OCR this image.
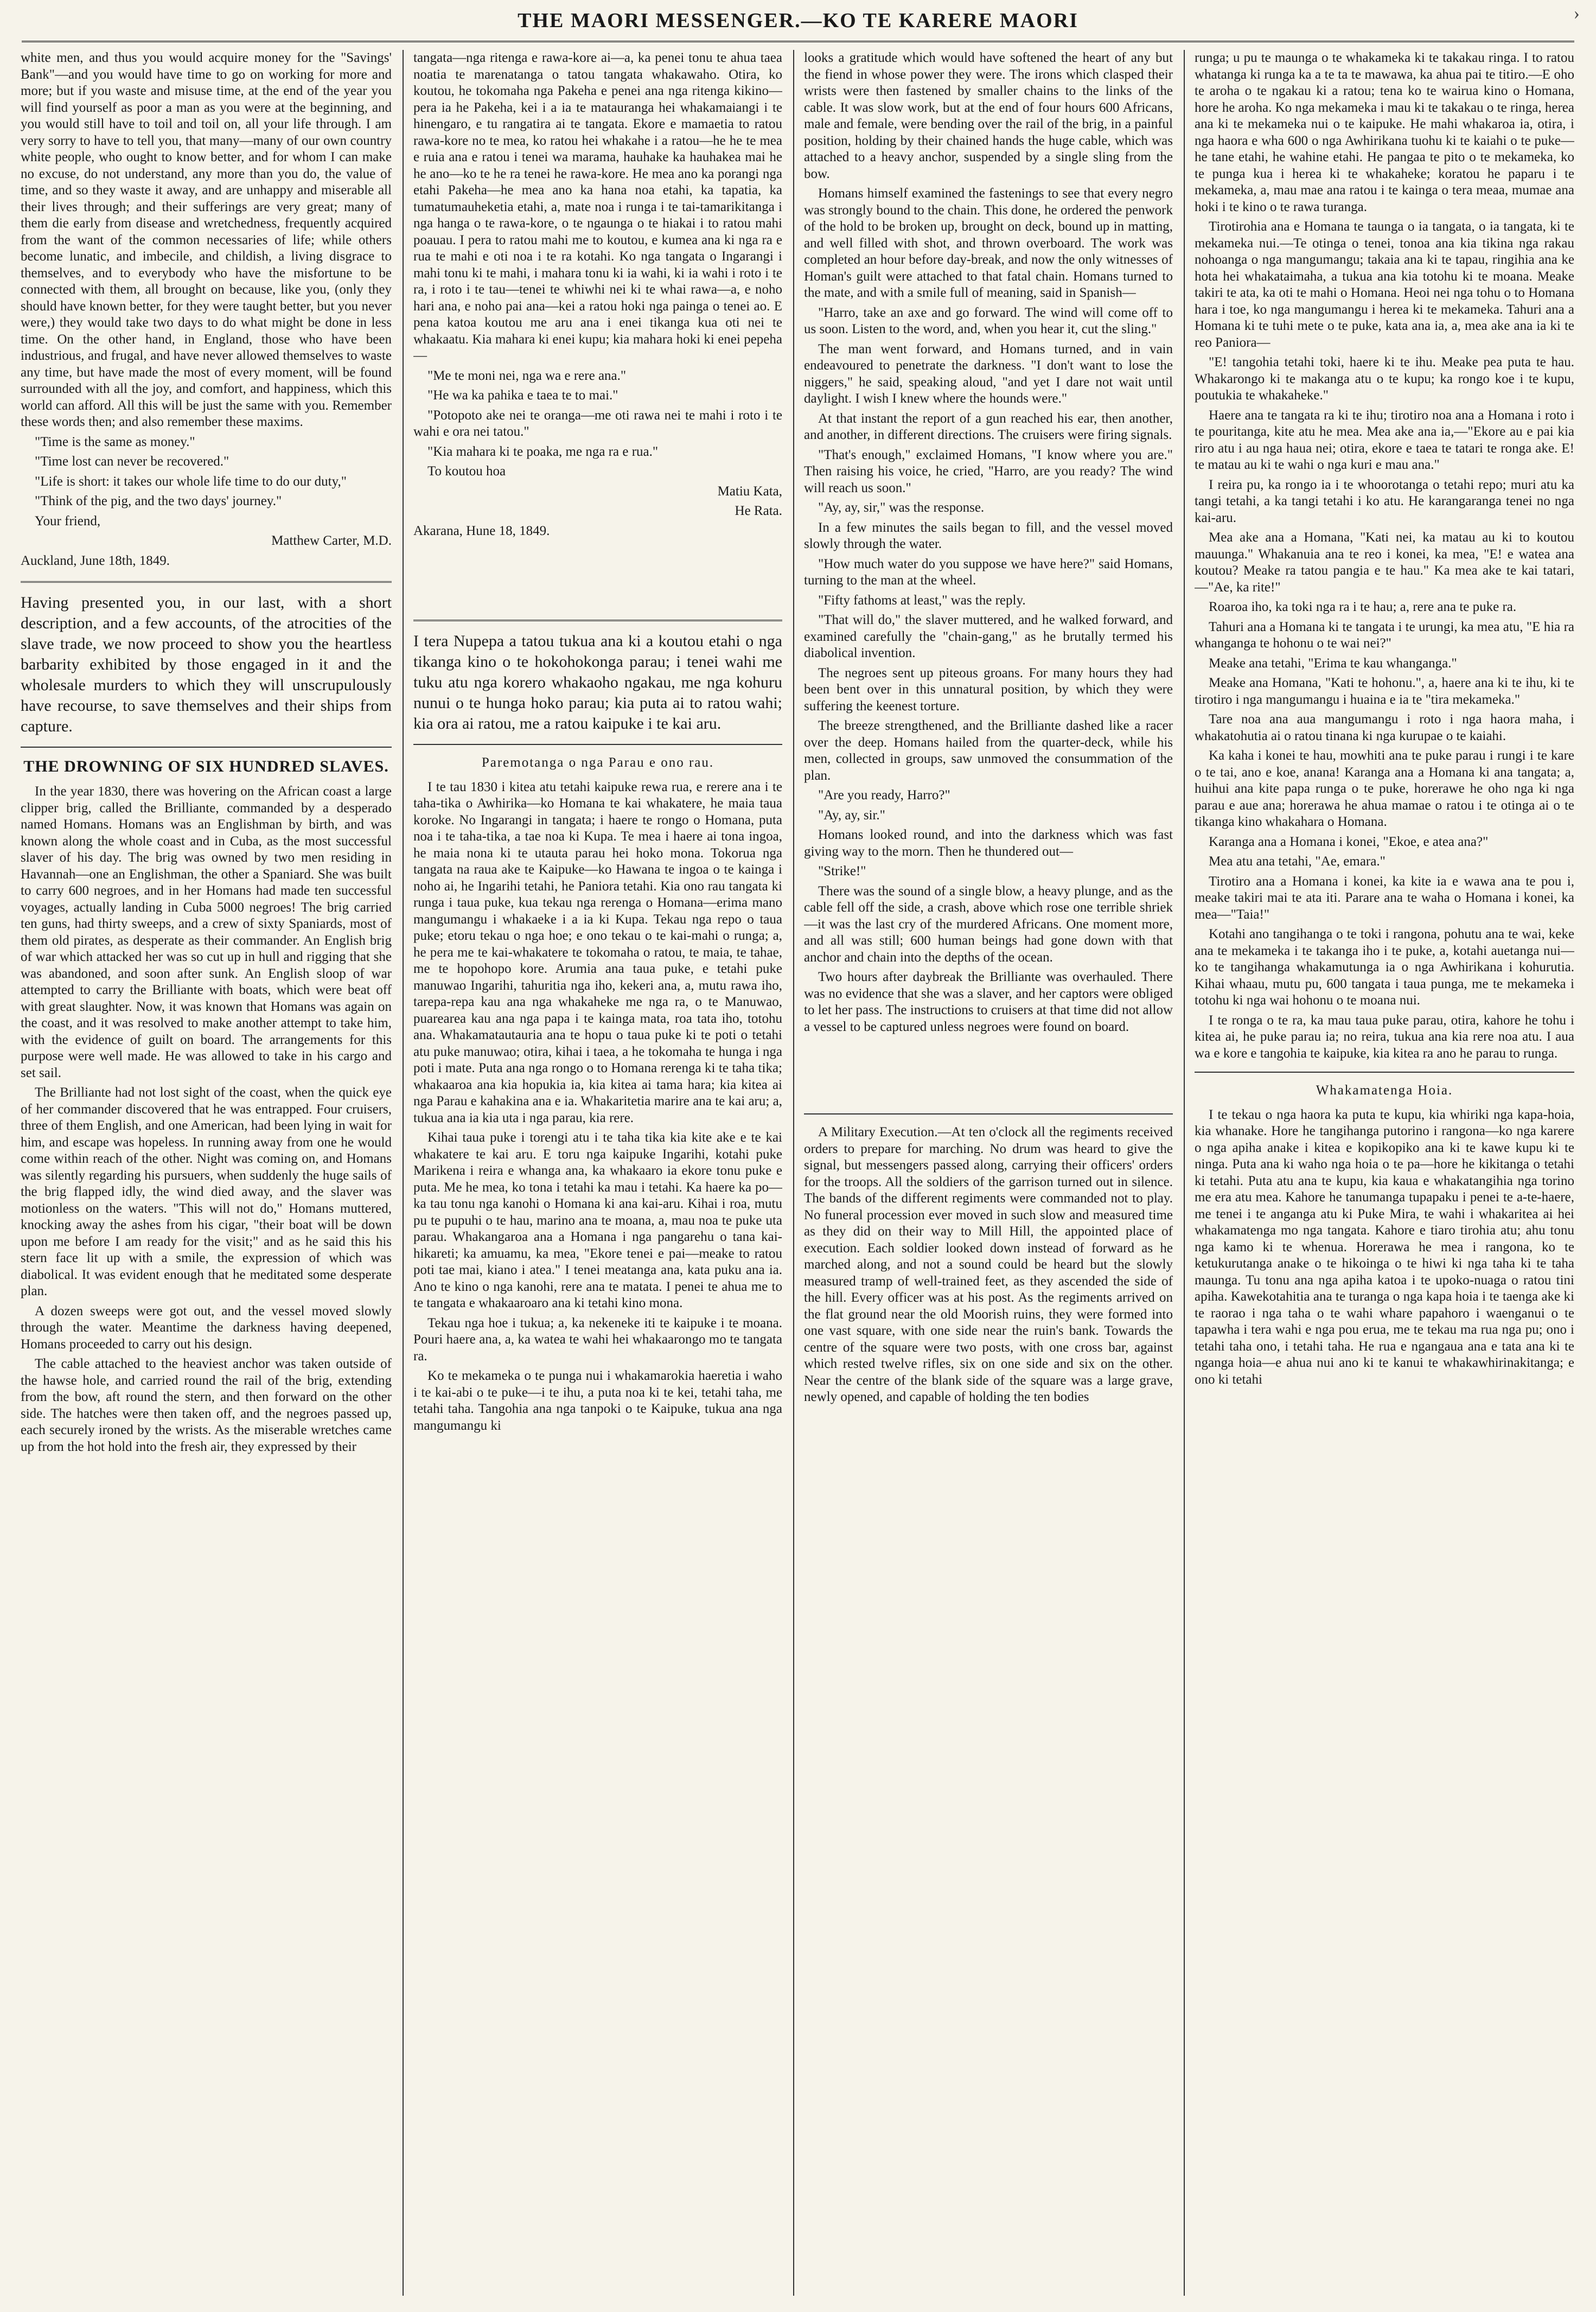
THE MAORI MESSENGER.—KO TE KARERE MAORI	›

white men, and thus you would acquire money for the "Savings' Bank"—and you would have time to go on working for more and more; but if you waste and misuse time, at the end of the year you will find yourself as poor a man as you were at the beginning, and you would still have to toil and toil on, all your life through. I am very sorry to have to tell you, that many—many of our own country white people, who ought to know better, and for whom I can make no excuse, do not understand, any more than you do, the value of time, and so they waste it away, and are unhappy and miserable all their lives through; and their sufferings are very great; many of them die early from disease and wretchedness, frequently acquired from the want of the common necessaries of life; while others become lunatic, and imbecile, and childish, a living disgrace to themselves, and to everybody who have the misfortune to be connected with them, all brought on because, like you, (only they should have known better, for they were taught better, but you never were,) they would take two days to do what might be done in less time. On the other hand, in England, those who have been industrious, and frugal, and have never allowed themselves to waste any time, but have made the most of every moment, will be found surrounded with all the joy, and comfort, and happiness, which this world can afford. All this will be just the same with you. Remember these words then; and also remember these maxims.

"Time is the same as money."

"Time lost can never be recovered."

"Life is short: it takes our whole life time to do our duty,"

"Think of the pig, and the two days' journey."

Your friend,

Matthew Carter, M.D.

Auckland, June 18th, 1849.

Having presented you, in our last, with a short description, and a few accounts, of the atrocities of the slave trade, we now proceed to show you the heartless barbarity exhibited by those engaged in it and the wholesale murders to which they will unscrupulously have recourse, to save themselves and their ships from capture.

THE DROWNING OF SIX HUNDRED SLAVES.

In the year 1830, there was hovering on the African coast a large clipper brig, called the Brilliante, commanded by a desperado named Homans. Homans was an Englishman by birth, and was known along the whole coast and in Cuba, as the most successful slaver of his day. The brig was owned by two men residing in Havannah—one an Englishman, the other a Spaniard. She was built to carry 600 negroes, and in her Homans had made ten successful voyages, actually landing in Cuba 5000 negroes! The brig carried ten guns, had thirty sweeps, and a crew of sixty Spaniards, most of them old pirates, as desperate as their commander. An English brig of war which attacked her was so cut up in hull and rigging that she was abandoned, and soon after sunk. An English sloop of war attempted to carry the Brilliante with boats, which were beat off with great slaughter. Now, it was known that Homans was again on the coast, and it was resolved to make another attempt to take him, with the evidence of guilt on board. The arrangements for this purpose were well made. He was allowed to take in his cargo and set sail.

The Brilliante had not lost sight of the coast, when the quick eye of her commander discovered that he was entrapped. Four cruisers, three of them English, and one American, had been lying in wait for him, and escape was hopeless. In running away from one he would come within reach of the other. Night was coming on, and Homans was silently regarding his pursuers, when suddenly the huge sails of the brig flapped idly, the wind died away, and the slaver was motionless on the waters. "This will not do," Homans muttered, knocking away the ashes from his cigar, "their boat will be down upon me before I am ready for the visit;" and as he said this his stern face lit up with a smile, the expression of which was diabolical. It was evident enough that he meditated some desperate plan.

A dozen sweeps were got out, and the vessel moved slowly through the water. Meantime the darkness having deepened, Homans proceeded to carry out his design.

The cable attached to the heaviest anchor was taken outside of the hawse hole, and carried round the rail of the brig, extending from the bow, aft round the stern, and then forward on the other side. The hatches were then taken off, and the negroes passed up, each securely ironed by the wrists. As the miserable wretches came up from the hot hold into the fresh air, they expressed by their

tangata—nga ritenga e rawa-kore ai—a, ka penei tonu te ahua taea noatia te marenatanga o tatou tangata whakawaho. Otira, ko koutou, he tokomaha nga Pakeha e penei ana nga ritenga kikino—pera ia he Pakeha, kei i a ia te matauranga hei whakamaiangi i te hinengaro, e tu rangatira ai te tangata. Ekore e mamaetia to ratou rawa-kore no te mea, ko ratou hei whakahe i a ratou—he he te mea e ruia ana e ratou i tenei wa marama, hauhake ka hauhakea mai he he ano—ko te he ra tenei he rawa-kore. He mea ano ka porangi nga etahi Pakeha—he mea ano ka hana noa etahi, ka tapatia, ka tumatumauheketia etahi, a, mate noa i runga i te tai-tamarikitanga i nga hanga o te rawa-kore, o te ngaunga o te hiakai i to ratou mahi poauau. I pera to ratou mahi me to koutou, e kumea ana ki nga ra e rua te mahi e oti noa i te ra kotahi. Ko nga tangata o Ingarangi i mahi tonu ki te mahi, i mahara tonu ki ia wahi, ki ia wahi i roto i te ra, i roto i te tau—tenei te whiwhi nei ki te whai rawa—a, e noho hari ana, e noho pai ana—kei a ratou hoki nga painga o tenei ao. E pena katoa koutou me aru ana i enei tikanga kua oti nei te whakaatu. Kia mahara ki enei kupu; kia mahara hoki ki enei pepeha—

"Me te moni nei, nga wa e rere ana."

"He wa ka pahika e taea te to mai."

"Potopoto ake nei te oranga—me oti rawa nei te mahi i roto i te wahi e ora nei tatou."

"Kia mahara ki te poaka, me nga ra e rua."

To koutou hoa

Matiu Kata,

He Rata.

Akarana, Hune 18, 1849.

I tera Nupepa a tatou tukua ana ki a koutou etahi o nga tikanga kino o te hokohokonga parau; i tenei wahi me tuku atu nga korero whakaoho ngakau, me nga kohuru nunui o te hunga hoko parau; kia puta ai to ratou wahi; kia ora ai ratou, me a ratou kaipuke i te kai aru.

Paremotanga o nga Parau e ono rau.

I te tau 1830 i kitea atu tetahi kaipuke rewa rua, e rerere ana i te taha-tika o Awhirika—ko Homana te kai whakatere, he maia taua koroke. No Ingarangi in tangata; i haere te rongo o Homana, puta noa i te taha-tika, a tae noa ki Kupa. Te mea i haere ai tona ingoa, he maia nona ki te utauta parau hei hoko mona. Tokorua nga tangata na raua ake te Kaipuke—ko Hawana te ingoa o te kainga i noho ai, he Ingarihi tetahi, he Paniora tetahi. Kia ono rau tangata ki runga i taua puke, kua tekau nga rerenga o Homana—erima mano mangumangu i whakaeke i a ia ki Kupa. Tekau nga repo o taua puke; etoru tekau o nga hoe; e ono tekau o te kai-mahi o runga; a, he pera me te kai-whakatere te tokomaha o ratou, te maia, te tahae, me te hopohopo kore. Arumia ana taua puke, e tetahi puke manuwao Ingarihi, tahuritia nga iho, kekeri ana, a, mutu rawa iho, tarepa-repa kau ana nga whakaheke me nga ra, o te Manuwao, puarearea kau ana nga papa i te kainga mata, roa tata iho, totohu ana. Whakamatautauria ana te hopu o taua puke ki te poti o tetahi atu puke manuwao; otira, kihai i taea, a he tokomaha te hunga i nga poti i mate. Puta ana nga rongo o to Homana rerenga ki te taha tika; whakaaroa ana kia hopukia ia, kia kitea ai tama hara; kia kitea ai nga Parau e kahakina ana e ia. Whakaritetia marire ana te kai aru; a, tukua ana ia kia uta i nga parau, kia rere.

Kihai taua puke i torengi atu i te taha tika kia kite ake e te kai whakatere te kai aru. E toru nga kaipuke Ingarihi, kotahi puke Marikena i reira e whanga ana, ka whakaaro ia ekore tonu puke e puta. Me he mea, ko tona i tetahi ka mau i tetahi. Ka haere ka po—ka tau tonu nga kanohi o Homana ki ana kai-aru. Kihai i roa, mutu pu te pupuhi o te hau, marino ana te moana, a, mau noa te puke uta parau. Whakangaroa ana a Homana i nga pangarehu o tana kai-hikareti; ka amuamu, ka mea, "Ekore tenei e pai—meake to ratou poti tae mai, kiano i atea." I tenei meatanga ana, kata puku ana ia. Ano te kino o nga kanohi, rere ana te matata. I penei te ahua me to te tangata e whakaaroaro ana ki tetahi kino mona.

Tekau nga hoe i tukua; a, ka nekeneke iti te kaipuke i te moana. Pouri haere ana, a, ka watea te wahi hei whakaarongo mo te tangata ra.

Ko te mekameka o te punga nui i whakamarokia haeretia i waho i te kai-abi o te puke—i te ihu, a puta noa ki te kei, tetahi taha, me tetahi taha. Tangohia ana nga tanpoki o te Kaipuke, tukua ana nga mangumangu ki

looks a gratitude which would have softened the heart of any but the fiend in whose power they were. The irons which clasped their wrists were then fastened by smaller chains to the links of the cable. It was slow work, but at the end of four hours 600 Africans, male and female, were bending over the rail of the brig, in a painful position, holding by their chained hands the huge cable, which was attached to a heavy anchor, suspended by a single sling from the bow.

Homans himself examined the fastenings to see that every negro was strongly bound to the chain. This done, he ordered the penwork of the hold to be broken up, brought on deck, bound up in matting, and well filled with shot, and thrown overboard. The work was completed an hour before day-break, and now the only witnesses of Homan's guilt were attached to that fatal chain. Homans turned to the mate, and with a smile full of meaning, said in Spanish—

"Harro, take an axe and go forward. The wind will come off to us soon. Listen to the word, and, when you hear it, cut the sling."

The man went forward, and Homans turned, and in vain endeavoured to penetrate the darkness. "I don't want to lose the niggers," he said, speaking aloud, "and yet I dare not wait until daylight. I wish I knew where the hounds were."

At that instant the report of a gun reached his ear, then another, and another, in different directions. The cruisers were firing signals.

"That's enough," exclaimed Homans, "I know where you are." Then raising his voice, he cried, "Harro, are you ready? The wind will reach us soon."

"Ay, ay, sir," was the response.

In a few minutes the sails began to fill, and the vessel moved slowly through the water.

"How much water do you suppose we have here?" said Homans, turning to the man at the wheel.

"Fifty fathoms at least," was the reply.

"That will do," the slaver muttered, and he walked forward, and examined carefully the "chain-gang," as he brutally termed his diabolical invention.

The negroes sent up piteous groans. For many hours they had been bent over in this unnatural position, by which they were suffering the keenest torture.

The breeze strengthened, and the Brilliante dashed like a racer over the deep. Homans hailed from the quarter-deck, while his men, collected in groups, saw unmoved the consummation of the plan.

"Are you ready, Harro?"

"Ay, ay, sir."

Homans looked round, and into the darkness which was fast giving way to the morn. Then he thundered out—

"Strike!"

There was the sound of a single blow, a heavy plunge, and as the cable fell off the side, a crash, above which rose one terrible shriek—it was the last cry of the murdered Africans. One moment more, and all was still; 600 human beings had gone down with that anchor and chain into the depths of the ocean.

Two hours after daybreak the Brilliante was overhauled. There was no evidence that she was a slaver, and her captors were obliged to let her pass. The instructions to cruisers at that time did not allow a vessel to be captured unless negroes were found on board.

A Military Execution.—At ten o'clock all the regiments received orders to prepare for marching. No drum was heard to give the signal, but messengers passed along, carrying their officers' orders for the troops. All the soldiers of the garrison turned out in silence. The bands of the different regiments were commanded not to play. No funeral procession ever moved in such slow and measured time as they did on their way to Mill Hill, the appointed place of execution. Each soldier looked down instead of forward as he marched along, and not a sound could be heard but the slowly measured tramp of well-trained feet, as they ascended the side of the hill. Every officer was at his post. As the regiments arrived on the flat ground near the old Moorish ruins, they were formed into one vast square, with one side near the ruin's bank. Towards the centre of the square were two posts, with one cross bar, against which rested twelve rifles, six on one side and six on the other. Near the centre of the blank side of the square was a large grave, newly opened, and capable of holding the ten bodies

runga; u pu te maunga o te whakameka ki te takakau ringa. I to ratou whatanga ki runga ka a te ta te mawawa, ka ahua pai te titiro.—E oho te aroha o te ngakau ki a ratou; tena ko te wairua kino o Homana, hore he aroha. Ko nga mekameka i mau ki te takakau o te ringa, herea ana ki te mekameka nui o te kaipuke. He mahi whakaroa ia, otira, i nga haora e wha 600 o nga Awhirikana tuohu ki te kaiahi o te puke—he tane etahi, he wahine etahi. He pangaa te pito o te mekameka, ko te punga kua i herea ki te whakaheke; koratou he paparu i te mekameka, a, mau mae ana ratou i te kainga o tera meaa, mumae ana hoki i te kino o te rawa turanga.

Tirotirohia ana e Homana te taunga o ia tangata, o ia tangata, ki te mekameka nui.—Te otinga o tenei, tonoa ana kia tikina nga rakau nohoanga o nga mangumangu; takaia ana ki te tapau, ringihia ana ke hota hei whakataimaha, a tukua ana kia totohu ki te moana. Meake takiri te ata, ka oti te mahi o Homana. Heoi nei nga tohu o to Homana hara i toe, ko nga mangumangu i herea ki te mekameka. Tahuri ana a Homana ki te tuhi mete o te puke, kata ana ia, a, mea ake ana ia ki te reo Paniora—

"E! tangohia tetahi toki, haere ki te ihu. Meake pea puta te hau. Whakarongo ki te makanga atu o te kupu; ka rongo koe i te kupu, poutukia te whakaheke."

Haere ana te tangata ra ki te ihu; tirotiro noa ana a Homana i roto i te pouritanga, kite atu he mea. Mea ake ana ia,—"Ekore au e pai kia riro atu i au nga haua nei; otira, ekore e taea te tatari te ronga ake. E! te matau au ki te wahi o nga kuri e mau ana."

I reira pu, ka rongo ia i te whoorotanga o tetahi repo; muri atu ka tangi tetahi, a ka tangi tetahi i ko atu. He karangaranga tenei no nga kai-aru.

Mea ake ana a Homana, "Kati nei, ka matau au ki to koutou mauunga." Whakanuia ana te reo i konei, ka mea, "E! e watea ana koutou? Meake ra tatou pangia e te hau." Ka mea ake te kai tatari,—"Ae, ka rite!"

Roaroa iho, ka toki nga ra i te hau; a, rere ana te puke ra.

Tahuri ana a Homana ki te tangata i te urungi, ka mea atu, "E hia ra whanganga te hohonu o te wai nei?"

Meake ana tetahi, "Erima te kau whanganga."

Meake ana Homana, "Kati te hohonu.", a, haere ana ki te ihu, ki te tirotiro i nga mangumangu i huaina e ia te "tira mekameka."

Tare noa ana aua mangumangu i roto i nga haora maha, i whakatohutia ai o ratou tinana ki nga kurupae o te kaiahi.

Ka kaha i konei te hau, mowhiti ana te puke parau i rungi i te kare o te tai, ano e koe, anana! Karanga ana a Homana ki ana tangata; a, huihui ana kite papa runga o te puke, horerawe he oho nga ki nga parau e aue ana; horerawa he ahua mamae o ratou i te otinga ai o te tikanga kino whakahara o Homana.

Karanga ana a Homana i konei, "Ekoe, e atea ana?"

Mea atu ana tetahi, "Ae, emara."

Tirotiro ana a Homana i konei, ka kite ia e wawa ana te pou i, meake takiri mai te ata iti. Parare ana te waha o Homana i konei, ka mea—"Taia!"

Kotahi ano tangihanga o te toki i rangona, pohutu ana te wai, keke ana te mekameka i te takanga iho i te puke, a, kotahi auetanga nui—ko te tangihanga whakamutunga ia o nga Awhirikana i kohurutia. Kihai whaau, mutu pu, 600 tangata i taua punga, me te mekameka i totohu ki nga wai hohonu o te moana nui.

I te ronga o te ra, ka mau taua puke parau, otira, kahore he tohu i kitea ai, he puke parau ia; no reira, tukua ana kia rere noa atu. I aua wa e kore e tangohia te kaipuke, kia kitea ra ano he parau to runga.

Whakamatenga Hoia.

I te tekau o nga haora ka puta te kupu, kia whiriki nga kapa-hoia, kia whanake. Hore he tangihanga putorino i rangona—ko nga karere o nga apiha anake i kitea e kopikopiko ana ki te kawe kupu ki te ninga. Puta ana ki waho nga hoia o te pa—hore he kikitanga o tetahi ki tetahi. Puta atu ana te kupu, kia kaua e whakatangihia nga torino me era atu mea. Kahore he tanumanga tupapaku i penei te a-te-haere, me tenei i te anganga atu ki Puke Mira, te wahi i whakaritea ai hei whakamatenga mo nga tangata. Kahore e tiaro tirohia atu; ahu tonu nga kamo ki te whenua. Horerawa he mea i rangona, ko te ketukurutanga anake o te hikoinga o te hiwi ki nga taha ki te taha maunga. Tu tonu ana nga apiha katoa i te upoko-nuaga o ratou tini apiha. Kawekotahitia ana te turanga o nga kapa hoia i te taenga ake ki te raorao i nga taha o te wahi whare papahoro i waenganui o te tapawha i tera wahi e nga pou erua, me te tekau ma rua nga pu; ono i tetahi taha ono, i tetahi taha. He rua e ngangaua ana e tata ana ki te nganga hoia—e ahua nui ano ki te kanui te whakawhirinakitanga; e ono ki tetahi
